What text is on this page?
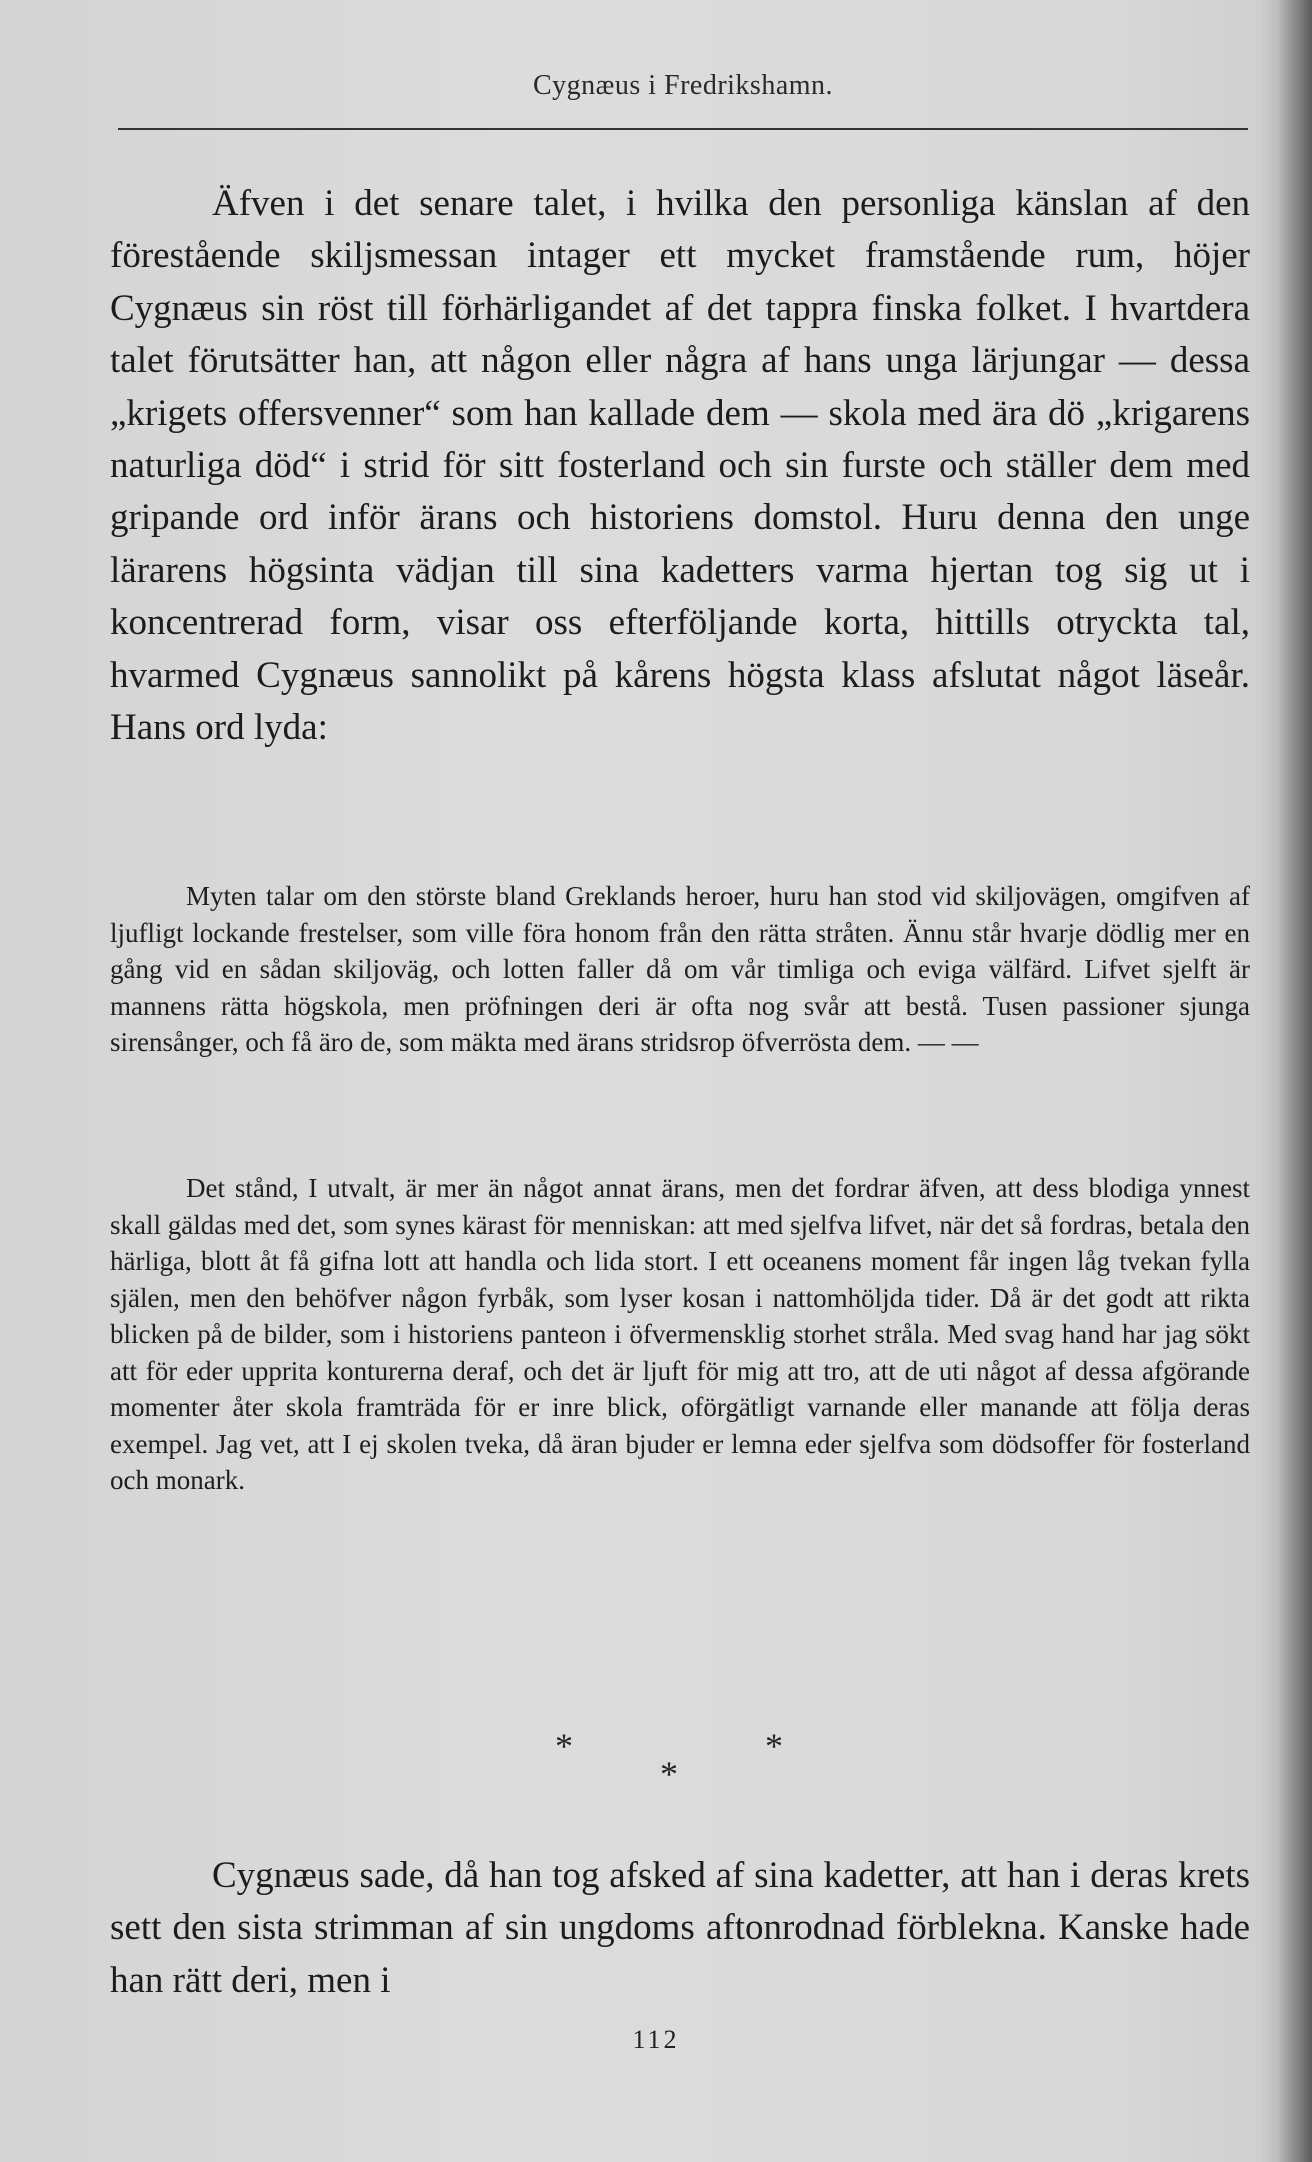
Cygnæus i Fredrikshamn.

Äfven i det senare talet, i hvilka den personliga känslan af den förestående skiljsmessan intager ett mycket framstående rum, höjer Cygnæus sin röst till förhärligandet af det tappra finska folket. I hvartdera talet förutsätter han, att någon eller några af hans unga lärjungar — dessa „krigets offersvenner“ som han kallade dem — skola med ära dö „krigarens naturliga död“ i strid för sitt fosterland och sin furste och ställer dem med gripande ord inför ärans och historiens domstol. Huru denna den unge lärarens högsinta vädjan till sina kadetters varma hjertan tog sig ut i koncentrerad form, visar oss efterföljande korta, hittills otryckta tal, hvarmed Cygnæus sannolikt på kårens högsta klass afslutat något läseår. Hans ord lyda:

Myten talar om den störste bland Greklands heroer, huru han stod vid skiljovägen, omgifven af ljufligt lockande frestelser, som ville föra honom från den rätta stråten. Ännu står hvarje dödlig mer en gång vid en sådan skiljoväg, och lotten faller då om vår timliga och eviga välfärd. Lifvet sjelft är mannens rätta högskola, men pröfningen deri är ofta nog svår att bestå. Tusen passioner sjunga sirensånger, och få äro de, som mäkta med ärans stridsrop öfverrösta dem. — —

Det stånd, I utvalt, är mer än något annat ärans, men det fordrar äfven, att dess blodiga ynnest skall gäldas med det, som synes kärast för menniskan: att med sjelfva lifvet, när det så fordras, betala den härliga, blott åt få gifna lott att handla och lida stort. I ett oceanens moment får ingen låg tvekan fylla själen, men den behöfver någon fyrbåk, som lyser kosan i nattomhöljda tider. Då är det godt att rikta blicken på de bilder, som i historiens panteon i öfvermensklig storhet stråla. Med svag hand har jag sökt att för eder upprita konturerna deraf, och det är ljuft för mig att tro, att de uti något af dessa afgörande momenter åter skola framträda för er inre blick, oförgätligt varnande eller manande att följa deras exempel. Jag vet, att I ej skolen tveka, då äran bjuder er lemna eder sjelfva som dödsoffer för fosterland och monark.

*
*
*

Cygnæus sade, då han tog afsked af sina kadetter, att han i deras krets sett den sista strimman af sin ungdoms aftonrodnad förblekna. Kanske hade han rätt deri, men i

112
